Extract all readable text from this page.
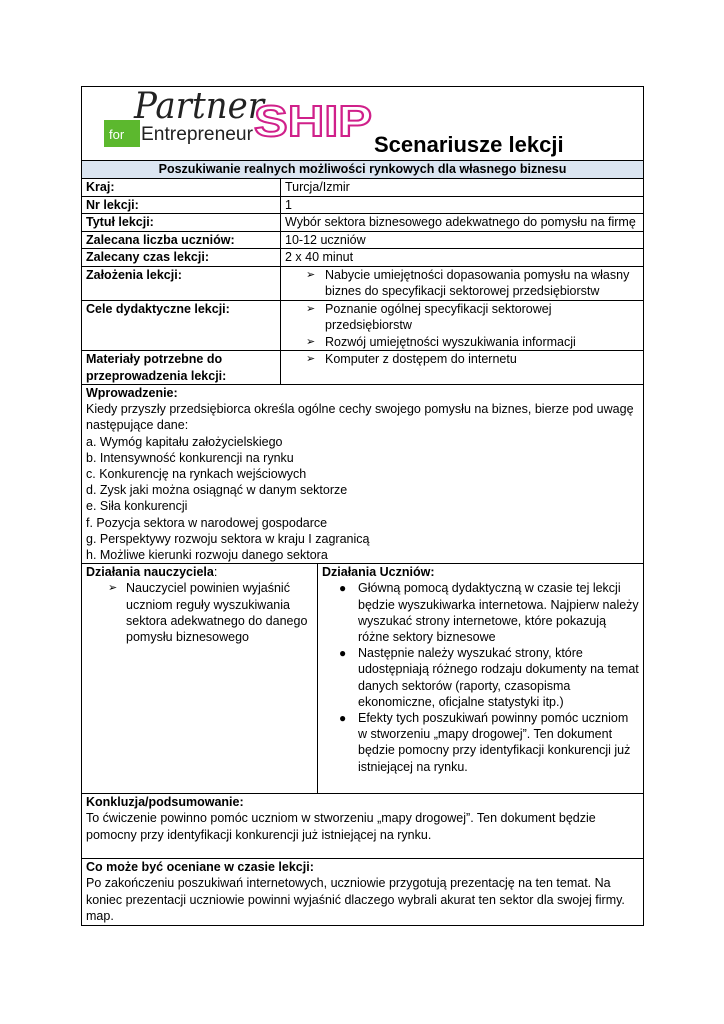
for
Partner
Entrepreneur SHIP Scenariusze lekcji
Poszukiwanie realnych możliwości rynkowych dla własnego biznesu
Kraj:	Turcja/Izmir
Nr lekcji:	1
Tytuł lekcji:	Wybór sektora biznesowego adekwatnego do pomysłu na firmę
Zalecana liczba uczniów:	10-12 uczniów
Zalecany czas lekcji:	2 x 40 minut
Założenia lekcji:	➢ Nabycie umiejętności dopasowania pomysłu na własny biznes do specyfikacji sektorowej przedsiębiorstw
Cele dydaktyczne lekcji:	➢ Poznanie ogólnej specyfikacji sektorowej przedsiębiorstw
➢ Rozwój umiejętności wyszukiwania informacji
Materiały potrzebne do przeprowadzenia lekcji:
➢ Komputer z dostępem do internetu
Wprowadzenie:
Kiedy przyszły przedsiębiorca określa ogólne cechy swojego pomysłu na biznes, bierze pod uwagę następujące dane:
a. Wymóg kapitału założycielskiego
b. Intensywność konkurencji na rynku
c. Konkurencję na rynkach wejściowych
d. Zysk jaki można osiągnąć w danym sektorze
e. Siła konkurencji
f. Pozycja sektora w narodowej gospodarce
g. Perspektywy rozwoju sektora w kraju I zagranicą
h. Możliwe kierunki rozwoju danego sektora
Działania nauczyciela:
➢ Nauczyciel powinien wyjaśnić uczniom reguły wyszukiwania sektora adekwatnego do danego pomysłu biznesowego
Działania Uczniów:
● Główną pomocą dydaktyczną w czasie tej lekcji będzie wyszukiwarka internetowa. Najpierw należy wyszukać strony internetowe, które pokazują różne sektory biznesowe
● Następnie należy wyszukać strony, które udostępniają różnego rodzaju dokumenty na temat danych sektorów (raporty, czasopisma ekonomiczne, oficjalne statystyki itp.)
● Efekty tych poszukiwań powinny pomóc uczniom w stworzeniu „mapy drogowej”. Ten dokument będzie pomocny przy identyfikacji konkurencji już istniejącej na rynku.
Konkluzja/podsumowanie:
To ćwiczenie powinno pomóc uczniom w stworzeniu „mapy drogowej”. Ten dokument będzie pomocny przy identyfikacji konkurencji już istniejącej na rynku.
Co może być oceniane w czasie lekcji:
Po zakończeniu poszukiwań internetowych, uczniowie przygotują prezentację na ten temat. Na koniec prezentacji uczniowie powinni wyjaśnić dlaczego wybrali akurat ten sektor dla swojej firmy. map.
